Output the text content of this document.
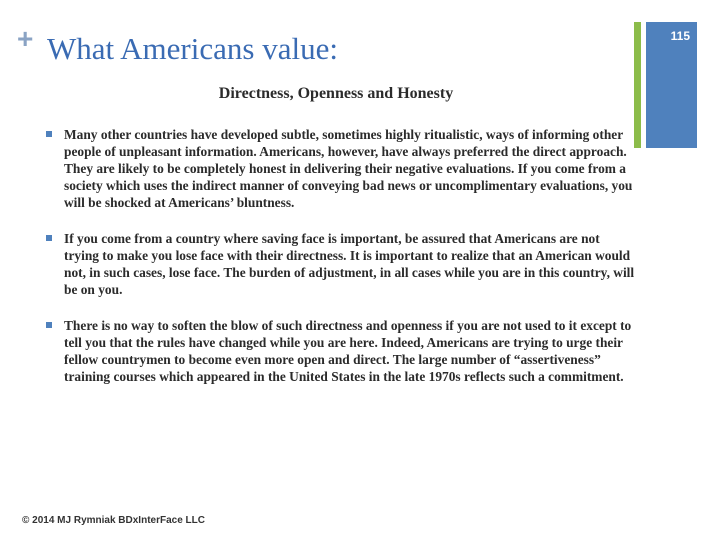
+ What Americans value:	115
Directness, Openness and Honesty
Many other countries have developed subtle, sometimes highly ritualistic, ways of informing other people of unpleasant information. Americans, however, have always preferred the direct approach. They are likely to be completely honest in delivering their negative evaluations. If you come from a society which uses the indirect manner of conveying bad news or uncomplimentary evaluations, you will be shocked at Americans’ bluntness.
If you come from a country where saving face is important, be assured that Americans are not trying to make you lose face with their directness. It is important to realize that an American would not, in such cases, lose face. The burden of adjustment, in all cases while you are in this country, will be on you.
There is no way to soften the blow of such directness and openness if you are not used to it except to tell you that the rules have changed while you are here. Indeed, Americans are trying to urge their fellow countrymen to become even more open and direct. The large number of “assertiveness” training courses which appeared in the United States in the late 1970s reflects such a commitment.
© 2014 MJ Rymniak BDxInterFace LLC
